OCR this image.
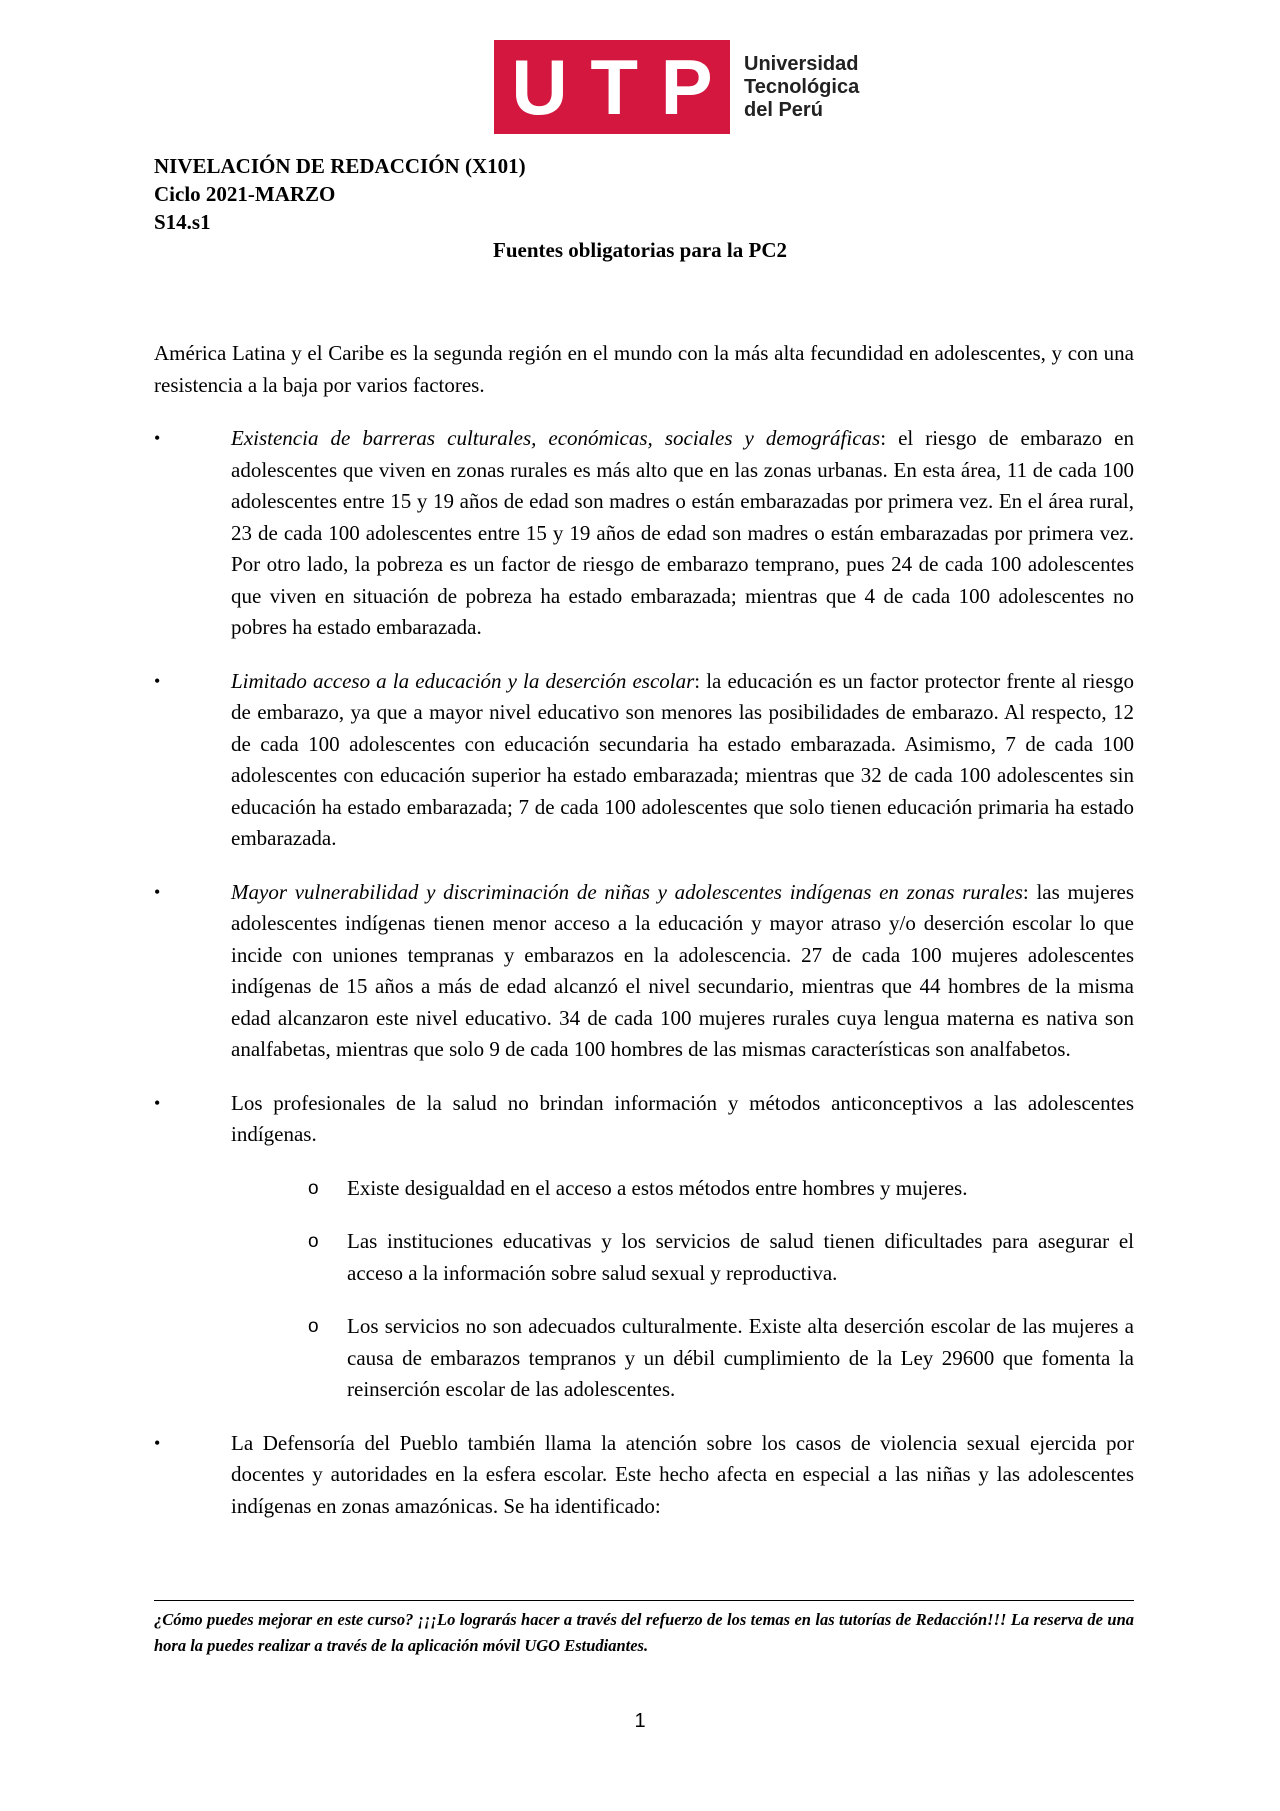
U T P Universidad
Tecnológica
del Perú
NIVELACIÓN DE REDACCIÓN (X101)
Ciclo 2021-MARZO
S14.s1
Fuentes obligatorias para la PC2

América Latina y el Caribe es la segunda región en el mundo con la más alta fecundidad en adolescentes, y con una resistencia a la baja por varios factores.

•	Existencia de barreras culturales, económicas, sociales y demográficas: el riesgo de embarazo en adolescentes que viven en zonas rurales es más alto que en las zonas urbanas. En esta área, 11 de cada 100 adolescentes entre 15 y 19 años de edad son madres o están embarazadas por primera vez. En el área rural, 23 de cada 100 adolescentes entre 15 y 19 años de edad son madres o están embarazadas por primera vez. Por otro lado, la pobreza es un factor de riesgo de embarazo temprano, pues 24 de cada 100 adolescentes que viven en situación de pobreza ha estado embarazada; mientras que 4 de cada 100 adolescentes no pobres ha estado embarazada.
•	Limitado acceso a la educación y la deserción escolar: la educación es un factor protector frente al riesgo de embarazo, ya que a mayor nivel educativo son menores las posibilidades de embarazo. Al respecto, 12 de cada 100 adolescentes con educación secundaria ha estado embarazada. Asimismo, 7 de cada 100 adolescentes con educación superior ha estado embarazada; mientras que 32 de cada 100 adolescentes sin educación ha estado embarazada; 7 de cada 100 adolescentes que solo tienen educación primaria ha estado embarazada.
•	Mayor vulnerabilidad y discriminación de niñas y adolescentes indígenas en zonas rurales: las mujeres adolescentes indígenas tienen menor acceso a la educación y mayor atraso y/o deserción escolar lo que incide con uniones tempranas y embarazos en la adolescencia. 27 de cada 100 mujeres adolescentes indígenas de 15 años a más de edad alcanzó el nivel secundario, mientras que 44 hombres de la misma edad alcanzaron este nivel educativo. 34 de cada 100 mujeres rurales cuya lengua materna es nativa son analfabetas, mientras que solo 9 de cada 100 hombres de las mismas características son analfabetos.
•	Los profesionales de la salud no brindan información y métodos anticonceptivos a las adolescentes indígenas.
o Existe desigualdad en el acceso a estos métodos entre hombres y mujeres.
o Las instituciones educativas y los servicios de salud tienen dificultades para asegurar el acceso a la información sobre salud sexual y reproductiva.
o Los servicios no son adecuados culturalmente. Existe alta deserción escolar de las mujeres a causa de embarazos tempranos y un débil cumplimiento de la Ley 29600 que fomenta la reinserción escolar de las adolescentes.
•	La Defensoría del Pueblo también llama la atención sobre los casos de violencia sexual ejercida por docentes y autoridades en la esfera escolar. Este hecho afecta en especial a las niñas y las adolescentes indígenas en zonas amazónicas. Se ha identificado:
¿Cómo puedes mejorar en este curso? ¡¡¡Lo lograrás hacer a través del refuerzo de los temas en las tutorías de Redacción!!! La reserva de una hora la puedes realizar a través de la aplicación móvil UGO Estudiantes.
1
